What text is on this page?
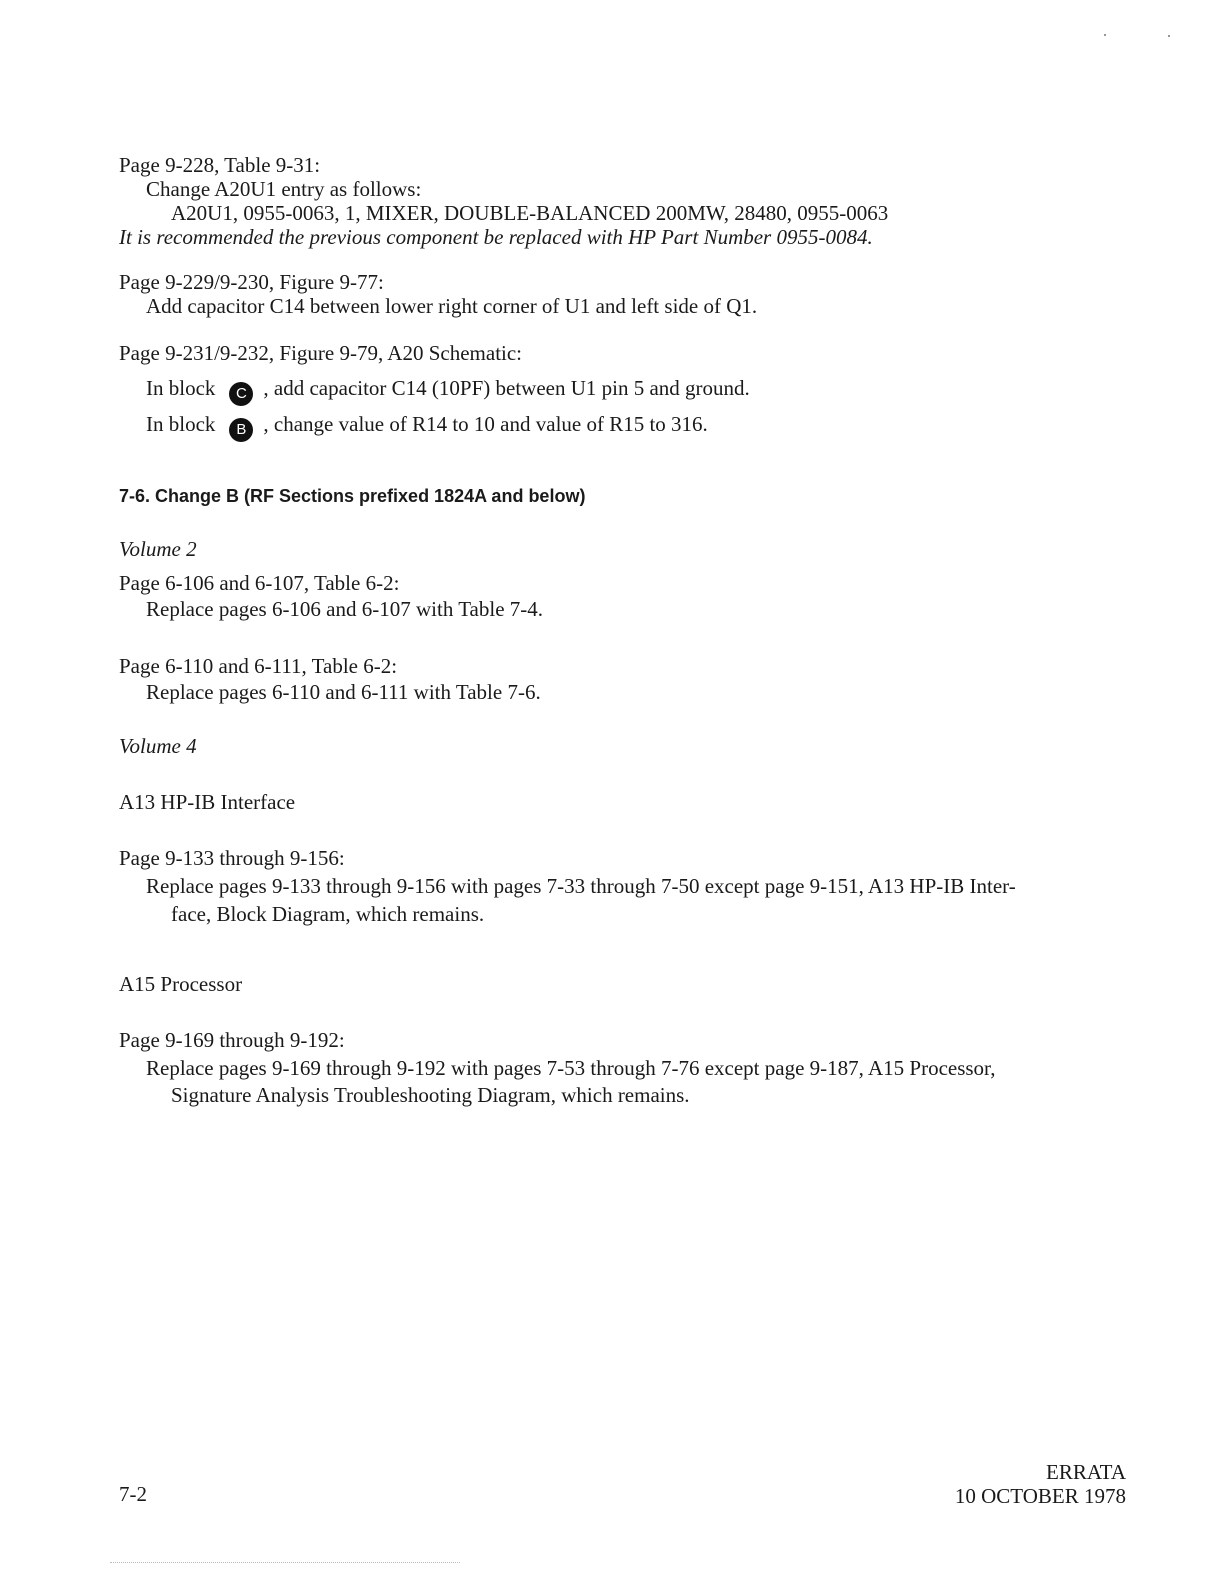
Page 9-228, Table 9-31:
Change A20U1 entry as follows:
A20U1, 0955-0063, 1, MIXER, DOUBLE-BALANCED 200MW, 28480, 0955-0063
It is recommended the previous component be replaced with HP Part Number 0955-0084.
Page 9-229/9-230, Figure 9-77:
Add capacitor C14 between lower right corner of U1 and left side of Q1.
Page 9-231/9-232, Figure 9-79, A20 Schematic:
In block C , add capacitor C14 (10PF) between U1 pin 5 and ground.
In block B , change value of R14 to 10 and value of R15 to 316.
7-6. Change B (RF Sections prefixed 1824A and below)
Volume 2
Page 6-106 and 6-107, Table 6-2:
Replace pages 6-106 and 6-107 with Table 7-4.
Page 6-110 and 6-111, Table 6-2:
Replace pages 6-110 and 6-111 with Table 7-6.
Volume 4
A13 HP-IB Interface
Page 9-133 through 9-156:
Replace pages 9-133 through 9-156 with pages 7-33 through 7-50 except page 9-151, A13 HP-IB Inter-
face, Block Diagram, which remains.
A15 Processor
Page 9-169 through 9-192:
Replace pages 9-169 through 9-192 with pages 7-53 through 7-76 except page 9-187, A15 Processor,
Signature Analysis Troubleshooting Diagram, which remains.
7-2
ERRATA
10 OCTOBER 1978
